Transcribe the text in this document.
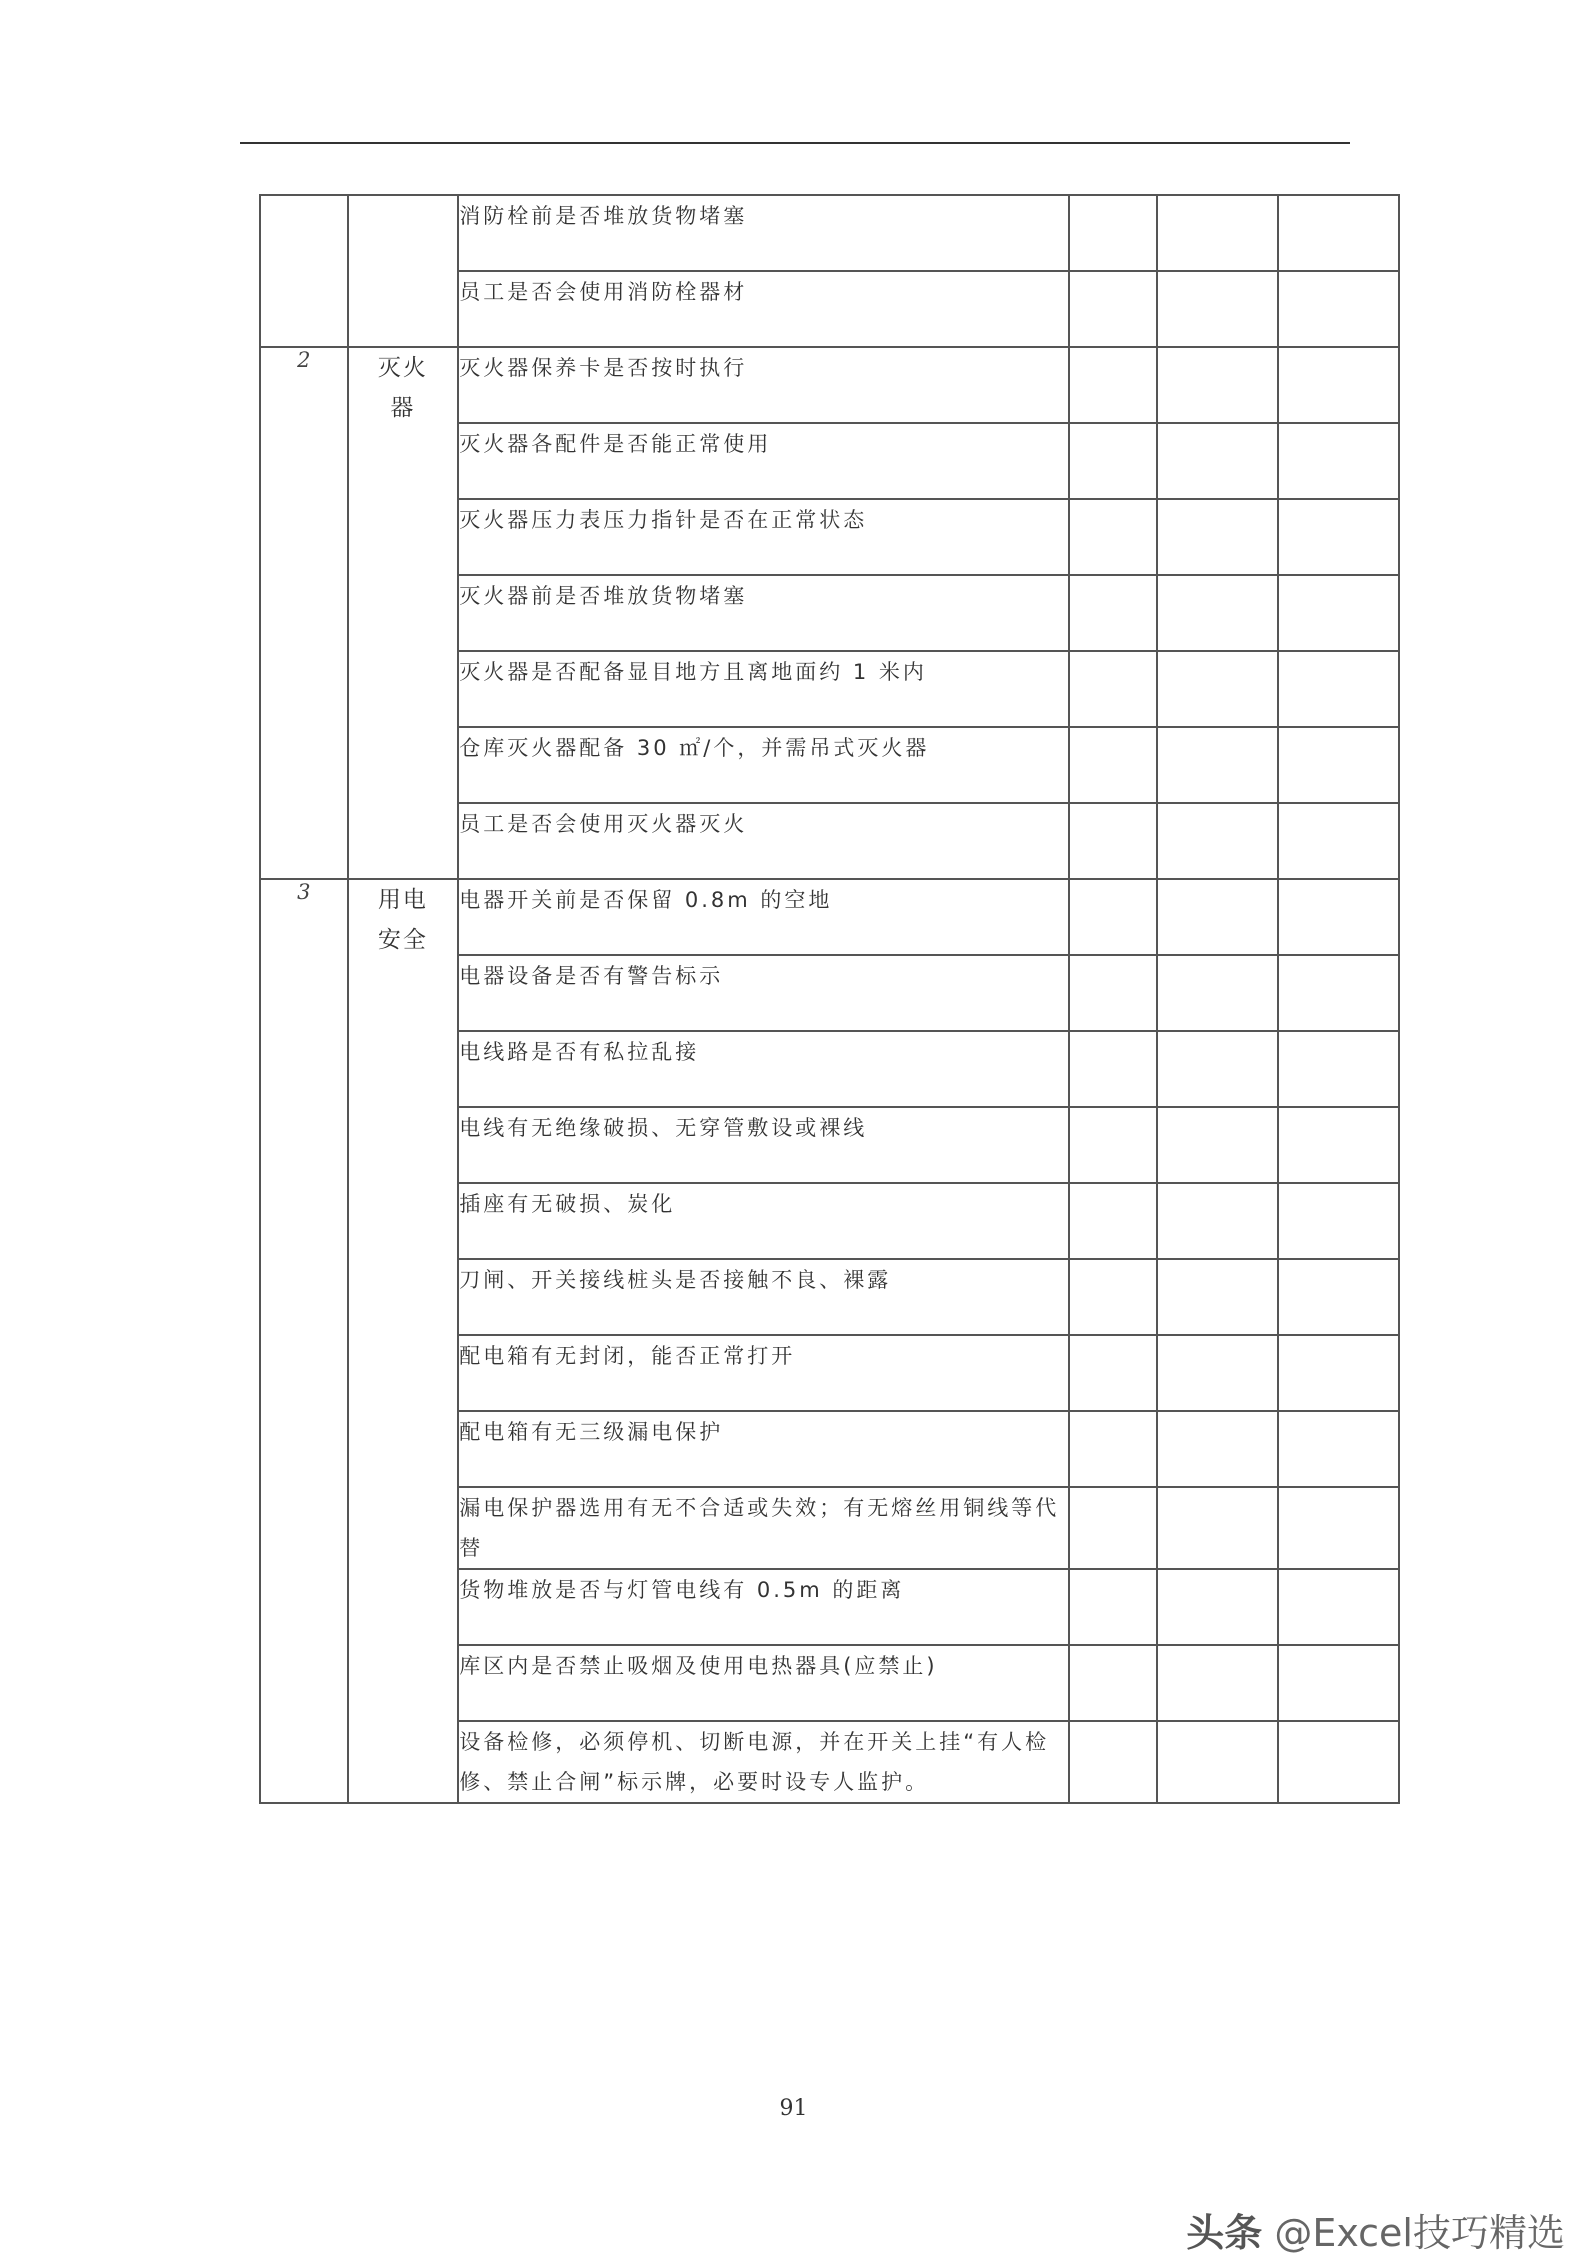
		消防栓前是否堆放货物堵塞			
		员工是否会使用消防栓器材			
2	灭火器	灭火器保养卡是否按时执行			
		灭火器各配件是否能正常使用			
		灭火器压力表压力指针是否在正常状态			
		灭火器前是否堆放货物堵塞			
		灭火器是否配备显目地方且离地面约 1 米内			
		仓库灭火器配备 30 ㎡/个，并需吊式灭火器			
		员工是否会使用灭火器灭火			
3	用电安全	电器开关前是否保留 0.8m 的空地			
		电器设备是否有警告标示			
		电线路是否有私拉乱接			
		电线有无绝缘破损、无穿管敷设或裸线			
		插座有无破损、炭化			
		刀闸、开关接线桩头是否接触不良、裸露			
		配电箱有无封闭，能否正常打开			
		配电箱有无三级漏电保护			
		漏电保护器选用有无不合适或失效；有无熔丝用铜线等代替			
		货物堆放是否与灯管电线有 0.5m 的距离			
		库区内是否禁止吸烟及使用电热器具(应禁止)			
		设备检修，必须停机、切断电源，并在开关上挂“有人检修、禁止合闸”标示牌，必要时设专人监护。			
91
头条 @Excel技巧精选
